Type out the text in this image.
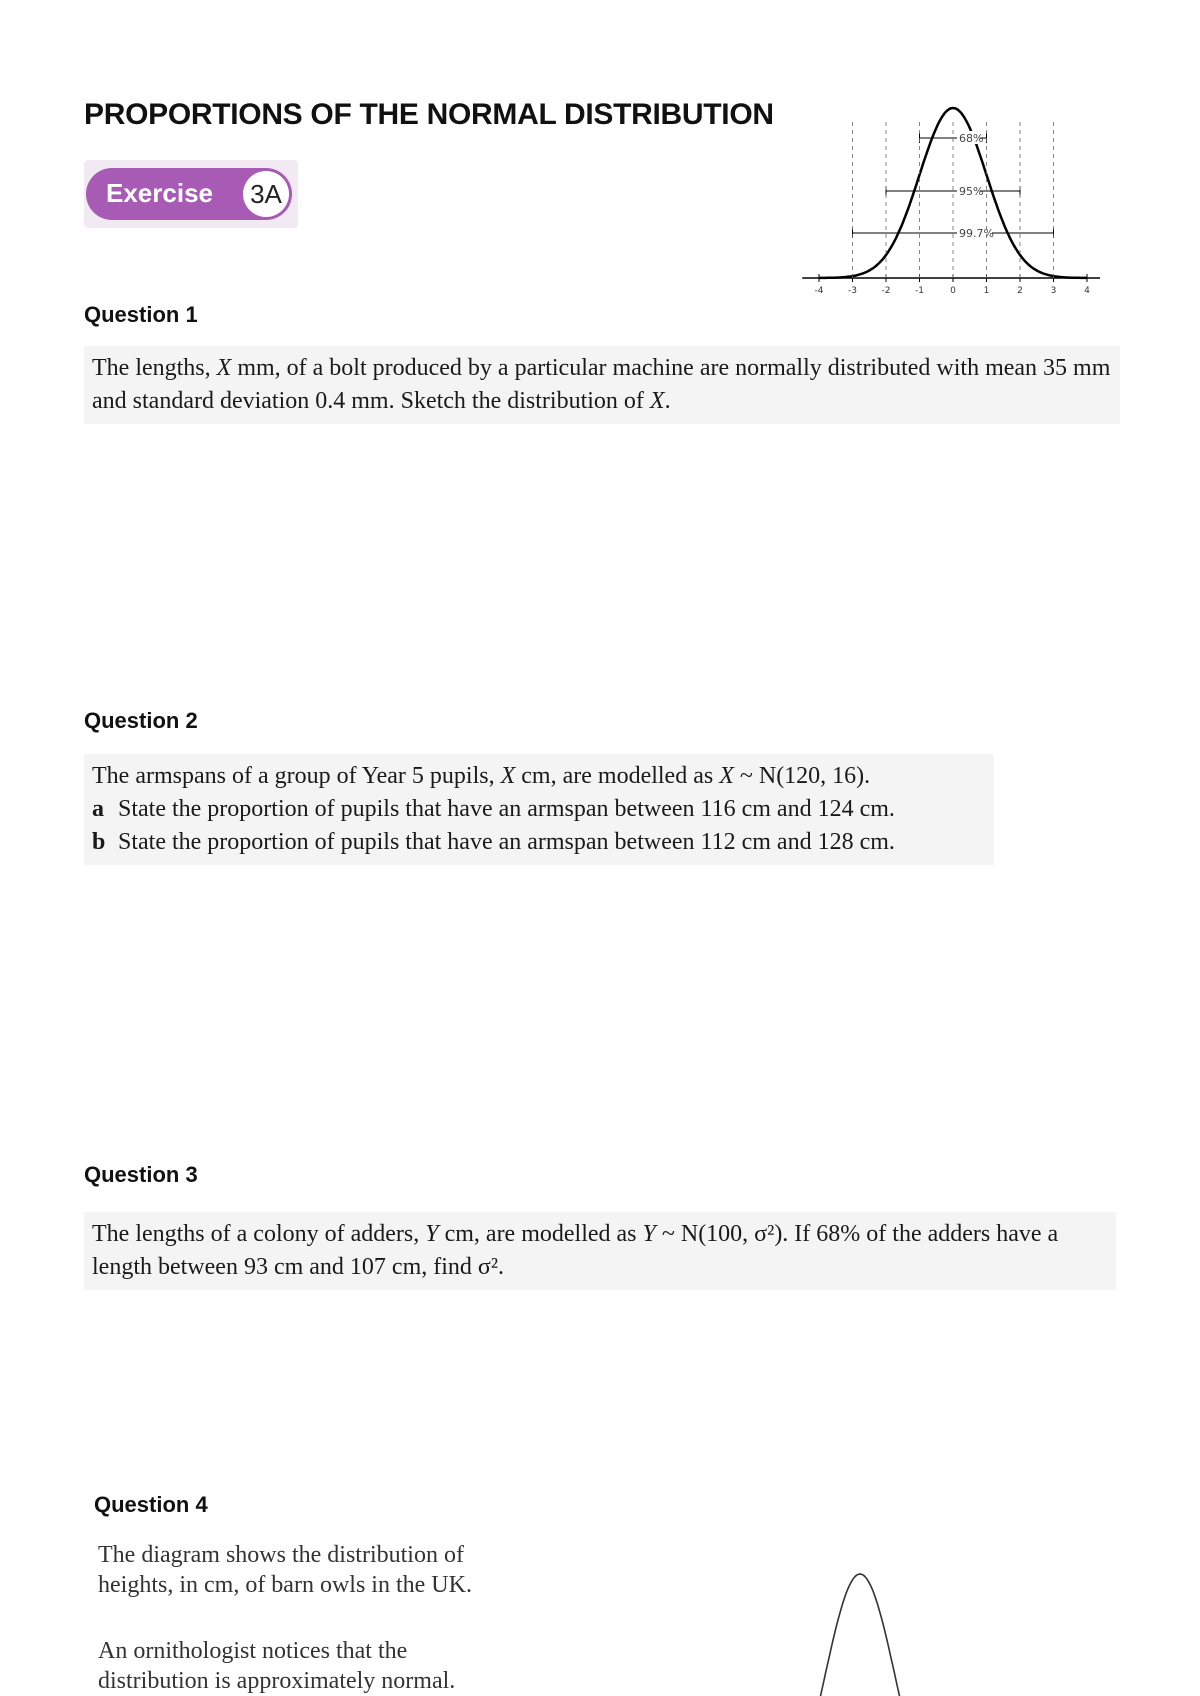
PROPORTIONS OF THE NORMAL DISTRIBUTION
Exercise 3A
68%
95%
99.7%
-4	-3	-2	-1	0	1	2	3	4
Question 1
The lengths, X mm, of a bolt produced by a particular machine are normally distributed with mean 35 mm and standard deviation 0.4 mm. Sketch the distribution of X.
Question 2
The armspans of a group of Year 5 pupils, X cm, are modelled as X ~ N(120, 16).
a State the proportion of pupils that have an armspan between 116 cm and 124 cm.
b State the proportion of pupils that have an armspan between 112 cm and 128 cm.
Question 3
The lengths of a colony of adders, Y cm, are modelled as Y ~ N(100, σ²). If 68% of the adders have a length between 93 cm and 107 cm, find σ².
Question 4
The diagram shows the distribution of heights, in cm, of barn owls in the UK.
An ornithologist notices that the distribution is approximately normal.
